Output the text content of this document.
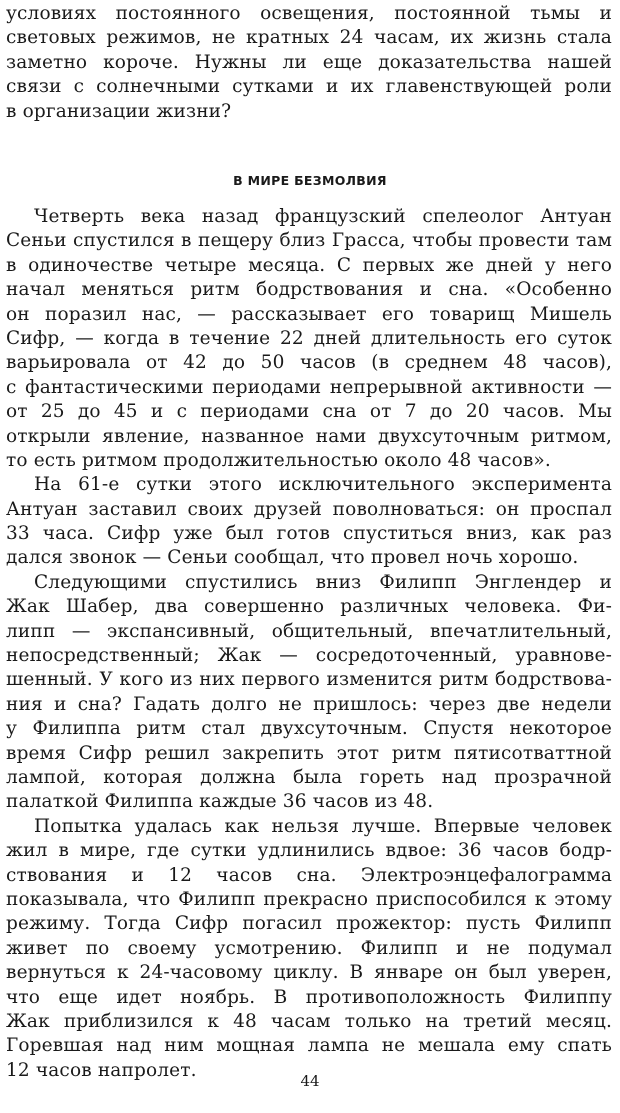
условиях постоянного освещения, постоянной тьмы и
световых режимов, не кратных 24 часам, их жизнь стала
заметно короче. Нужны ли еще доказательства нашей
связи с солнечными сутками и их главенствующей роли
в организации жизни?
В МИРЕ БЕЗМОЛВИЯ
Четверть века назад французский спелеолог Антуан
Сеньи спустился в пещеру близ Грасса, чтобы провести там
в одиночестве четыре месяца. С первых же дней у него
начал меняться ритм бодрствования и сна. «Особенно
он поразил нас, — рассказывает его товарищ Мишель
Сифр, — когда в течение 22 дней длительность его суток
варьировала от 42 до 50 часов (в среднем 48 часов),
с фантастическими периодами непрерывной активности —
от 25 до 45 и с периодами сна от 7 до 20 часов. Мы
открыли явление, названное нами двухсуточным ритмом,
то есть ритмом продолжительностью около 48 часов».
На 61-е сутки этого исключительного эксперимента
Антуан заставил своих друзей поволноваться: он проспал
33 часа. Сифр уже был готов спуститься вниз, как раз
дался звонок — Сеньи сообщал, что провел ночь хорошо.
Следующими спустились вниз Филипп Энглендер и
Жак Шабер, два совершенно различных человека. Фи-
липп — экспансивный, общительный, впечатлительный,
непосредственный; Жак — сосредоточенный, уравнове-
шенный. У кого из них первого изменится ритм бодрствова-
ния и сна? Гадать долго не пришлось: через две недели
у Филиппа ритм стал двухсуточным. Спустя некоторое
время Сифр решил закрепить этот ритм пятисотваттной
лампой, которая должна была гореть над прозрачной
палаткой Филиппа каждые 36 часов из 48.
Попытка удалась как нельзя лучше. Впервые человек
жил в мире, где сутки удлинились вдвое: 36 часов бодр-
ствования и 12 часов сна. Электроэнцефалограмма
показывала, что Филипп прекрасно приспособился к этому
режиму. Тогда Сифр погасил прожектор: пусть Филипп
живет по своему усмотрению. Филипп и не подумал
вернуться к 24-часовому циклу. В январе он был уверен,
что еще идет ноябрь. В противоположность Филиппу
Жак приблизился к 48 часам только на третий месяц.
Горевшая над ним мощная лампа не мешала ему спать
12 часов напролет.
44
